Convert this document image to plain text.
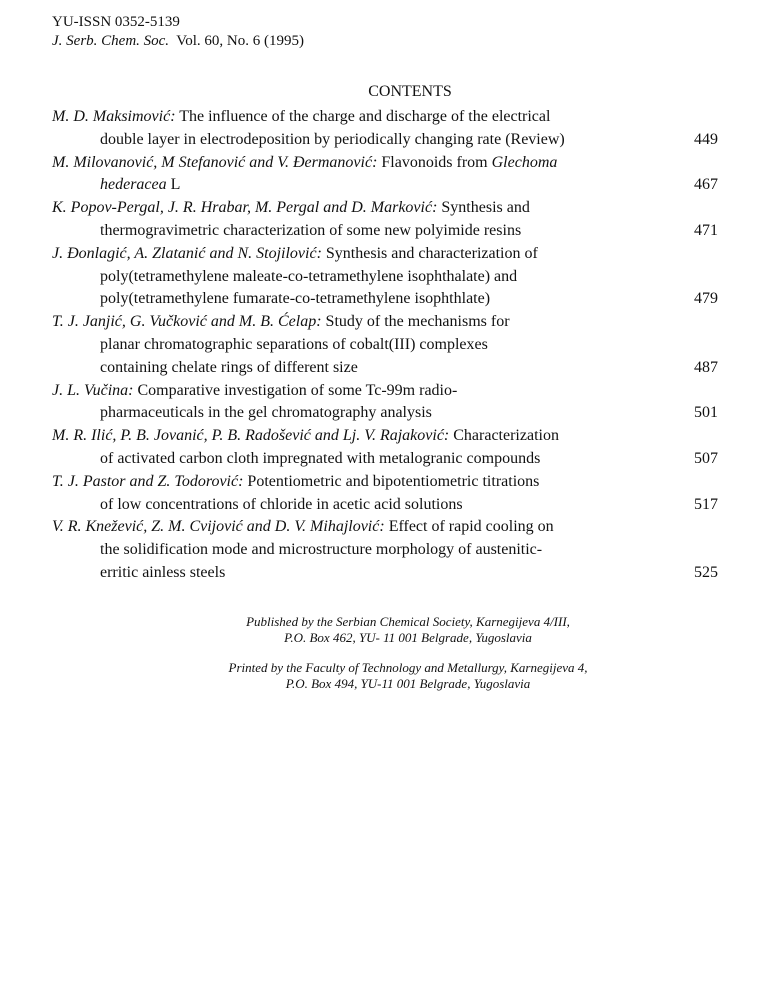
YU-ISSN 0352-5139
J. Serb. Chem. Soc. Vol. 60, No. 6 (1995)
CONTENTS
M. D. Maksimović: The influence of the charge and discharge of the electrical
double layer in electrodeposition by periodically changing rate (Review)	449
M. Milovanović, M Stefanović and V. Đermanović: Flavonoids from Glechoma
hederacea L	467
K. Popov-Pergal, J. R. Hrabar, M. Pergal and D. Marković: Synthesis and
thermogravimetric characterization of some new polyimide resins	471
J. Đonlagić, A. Zlatanić and N. Stojilović: Synthesis and characterization of
poly(tetramethylene maleate-co-tetramethylene isophthalate) and
poly(tetramethylene fumarate-co-tetramethylene isophthlate)	479
T. J. Janjić, G. Vučković and M. B. Ćelap: Study of the mechanisms for
planar chromatographic separations of cobalt(III) complexes
containing chelate rings of different size	487
J. L. Vučina: Comparative investigation of some Tc-99m radio-
pharmaceuticals in the gel chromatography analysis	501
M. R. Ilić, P. B. Jovanić, P. B. Radošević and Lj. V. Rajaković: Characterization
of activated carbon cloth impregnated with metalogranic compounds	507
T. J. Pastor and Z. Todorović: Potentiometric and bipotentiometric titrations
of low concentrations of chloride in acetic acid solutions	517
V. R. Knežević, Z. M. Cvijović and D. V. Mihajlović: Effect of rapid cooling on
the solidification mode and microstructure morphology of austenitic-
erritic ainless steels	525
Published by the Serbian Chemical Society, Karnegijeva 4/III,
P.O. Box 462, YU- 11 001 Belgrade, Yugoslavia
Printed by the Faculty of Technology and Metallurgy, Karnegijeva 4,
P.O. Box 494, YU-11 001 Belgrade, Yugoslavia
